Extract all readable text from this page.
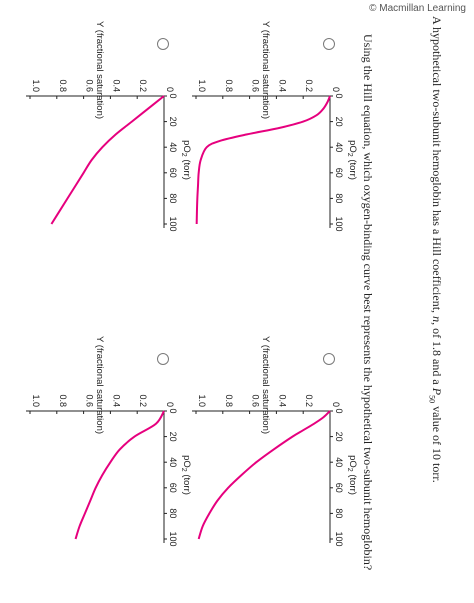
© Macmillan Learning
A hypothetical two-subunit hemoglobin has a Hill coefficient, n, of 1.8 and a $P_{50}$ value of 10 torr.
Using the Hill equation, which oxygen-binding curve best represents the hypothetical two-subunit hemoglobin?
0
0.2
0.4
0.6
0.8
1.0
0
20
40
60
80
100
Y (fractional saturation)
$pO_2$ (torr)
0
0.2
0.4
0.6
0.8
1.0
0
20
40
60
80
100
Y (fractional saturation)
$pO_2$ (torr)
0
0.2
0.4
0.6
0.8
1.0
0
20
40
60
80
100
Y (fractional saturation)
$pO_2$ (torr)
0
0.2
0.4
0.6
0.8
1.0
0
20
40
60
80
100
Y (fractional saturation)
$pO_2$ (torr)
